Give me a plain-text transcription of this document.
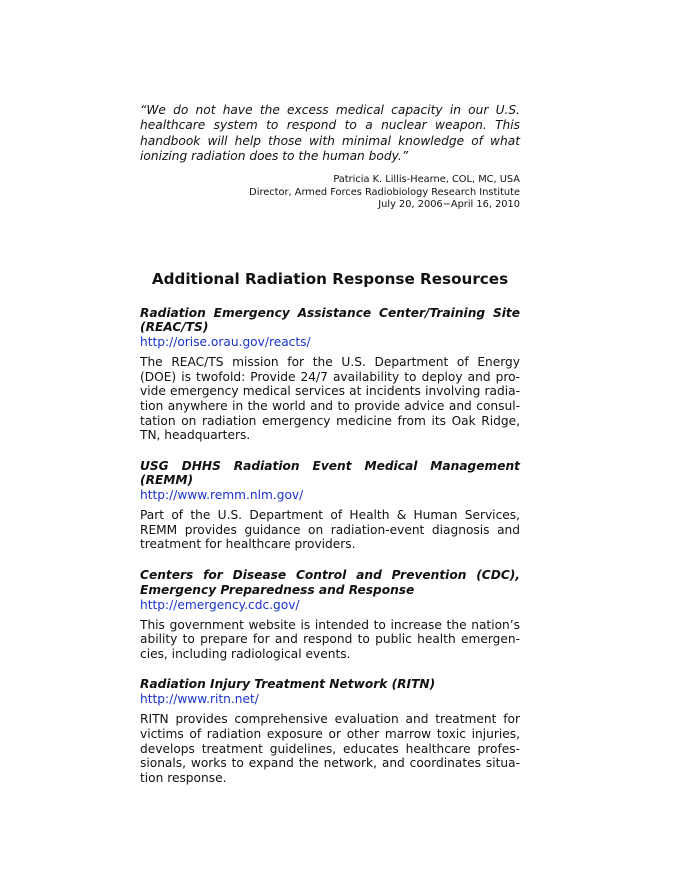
“We do not have the excess medical capacity in our U.S. healthcare system to respond to a nuclear weapon. This handbook will help those with minimal knowledge of what ionizing radiation does to the human body.”

Patricia K. Lillis-Hearne, COL, MC, USA
Director, Armed Forces Radiobiology Research Institute
July 20, 2006−April 16, 2010
Additional Radiation Response Resources
Radiation Emergency Assistance Center/Training Site (REAC/TS)
http://orise.orau.gov/reacts/
The REAC/TS mission for the U.S. Department of Energy (DOE) is twofold: Provide 24/7 availability to deploy and provide emergency medical services at incidents involving radiation anywhere in the world and to provide advice and consultation on radiation emergency medicine from its Oak Ridge, TN, headquarters.
USG DHHS Radiation Event Medical Management (REMM)
http://www.remm.nlm.gov/
Part of the U.S. Department of Health & Human Services, REMM provides guidance on radiation-event diagnosis and treatment for healthcare providers.
Centers for Disease Control and Prevention (CDC), Emergency Preparedness and Response
http://emergency.cdc.gov/
This government website is intended to increase the nation’s ability to prepare for and respond to public health emergencies, including radiological events.
Radiation Injury Treatment Network (RITN)
http://www.ritn.net/
RITN provides comprehensive evaluation and treatment for victims of radiation exposure or other marrow toxic injuries, develops treatment guidelines, educates healthcare professionals, works to expand the network, and coordinates situation response.
